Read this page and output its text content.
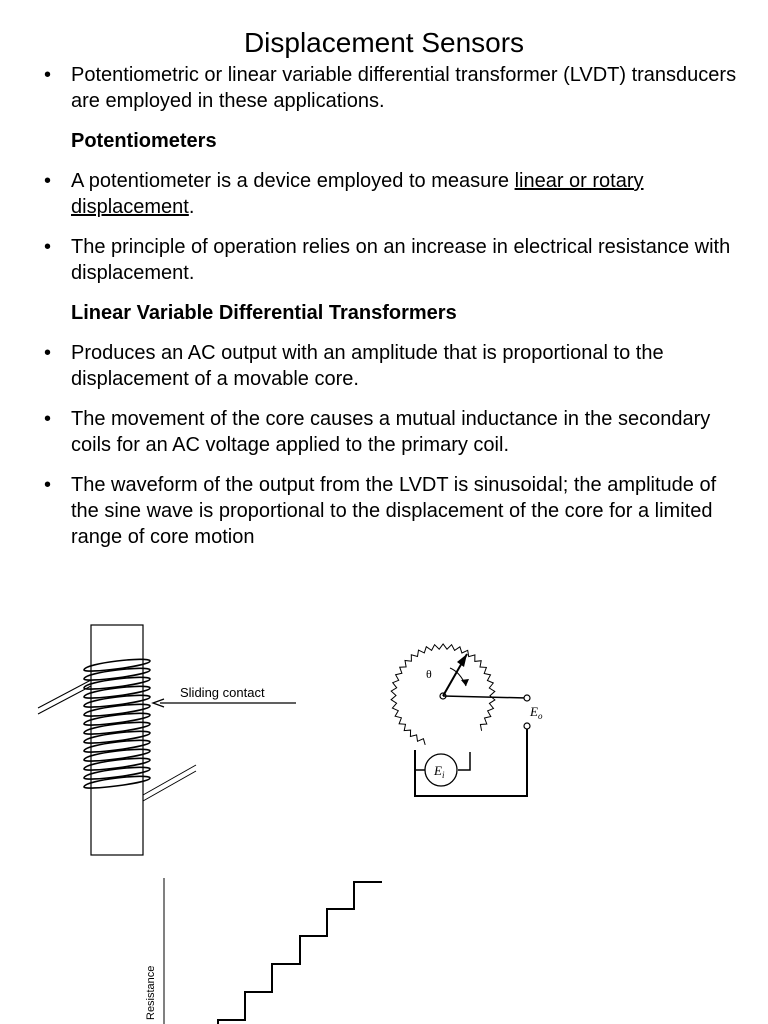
Displacement Sensors
• Potentiometric or linear variable differential transformer (LVDT) transducers are employed in these applications.
Potentiometers
• A potentiometer is a device employed to measure linear or rotary displacement.
• The principle of operation relies on an increase in electrical resistance with displacement.
Linear Variable Differential Transformers
• Produces an AC output with an amplitude that is proportional to the displacement of a movable core.
• The movement of the core causes a mutual inductance in the secondary coils for an AC voltage applied to the primary coil.
• The waveform of the output from the LVDT is sinusoidal; the amplitude of the sine wave is proportional to the displacement of the core for a limited range of core motion
Sliding contact
θ
$E_o$
$E_i$
Resistance
